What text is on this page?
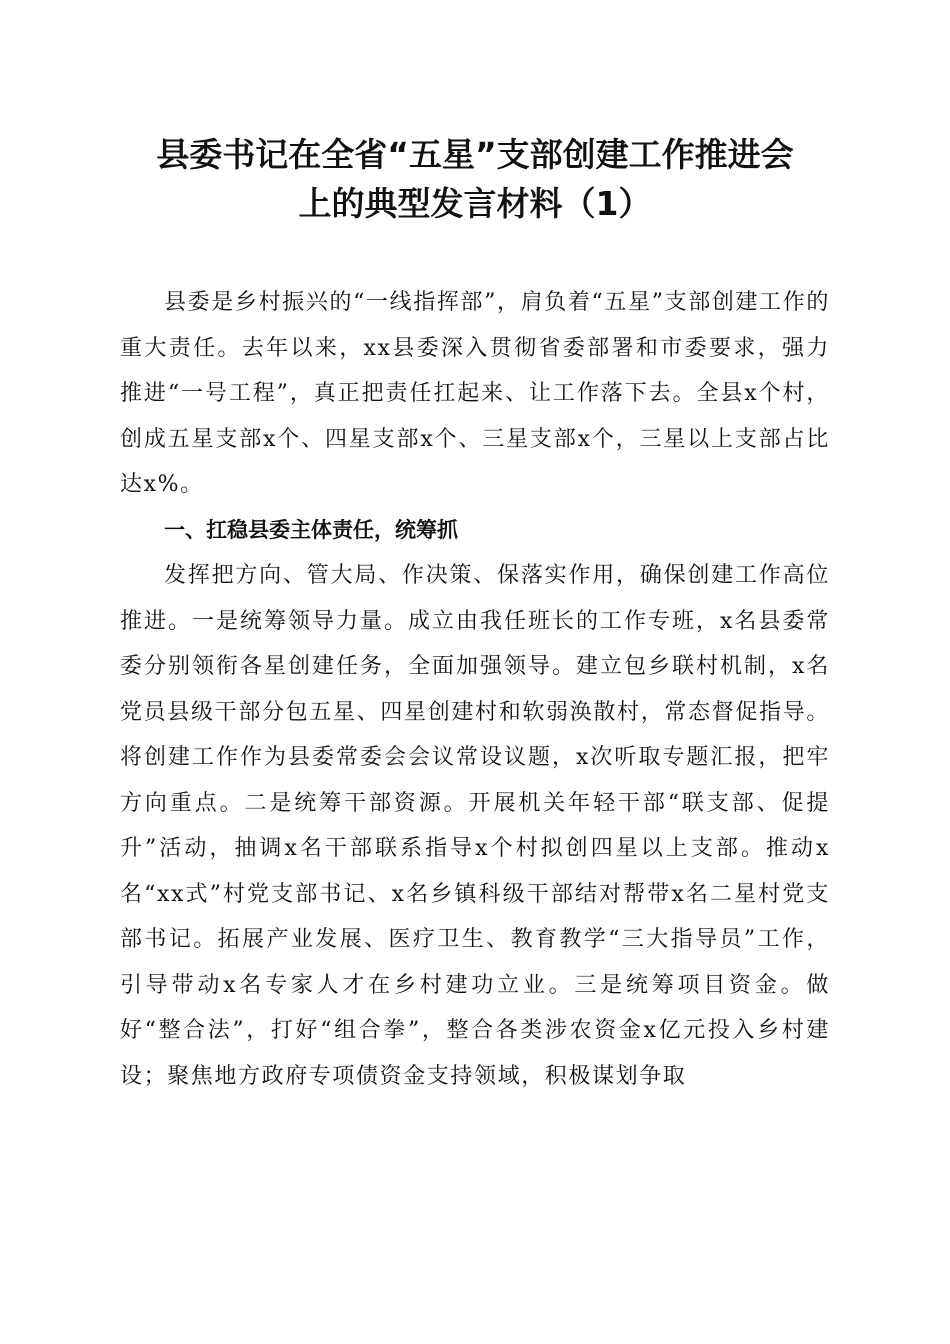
县委书记在全省“五星”支部创建工作推进会
上的典型发言材料（1）

县委是乡村振兴的“一线指挥部”，肩负着“五星”支部创建工作的重大责任。去年以来，xx县委深入贯彻省委部署和市委要求，强力推进“一号工程”，真正把责任扛起来、让工作落下去。全县x个村，创成五星支部x个、四星支部x个、三星支部x个，三星以上支部占比达x%。

一、扛稳县委主体责任，统筹抓

发挥把方向、管大局、作决策、保落实作用，确保创建工作高位推进。一是统筹领导力量。成立由我任班长的工作专班，x名县委常委分别领衔各星创建任务，全面加强领导。建立包乡联村机制，x名党员县级干部分包五星、四星创建村和软弱涣散村，常态督促指导。将创建工作作为县委常委会会议常设议题，x次听取专题汇报，把牢方向重点。二是统筹干部资源。开展机关年轻干部“联支部、促提升”活动，抽调x名干部联系指导x个村拟创四星以上支部。推动x名“xx式”村党支部书记、x名乡镇科级干部结对帮带x名二星村党支部书记。拓展产业发展、医疗卫生、教育教学“三大指导员”工作，引导带动x名专家人才在乡村建功立业。三是统筹项目资金。做好“整合法”，打好“组合拳”，整合各类涉农资金x亿元投入乡村建设；聚焦地方政府专项债资金支持领域，积极谋划争取
